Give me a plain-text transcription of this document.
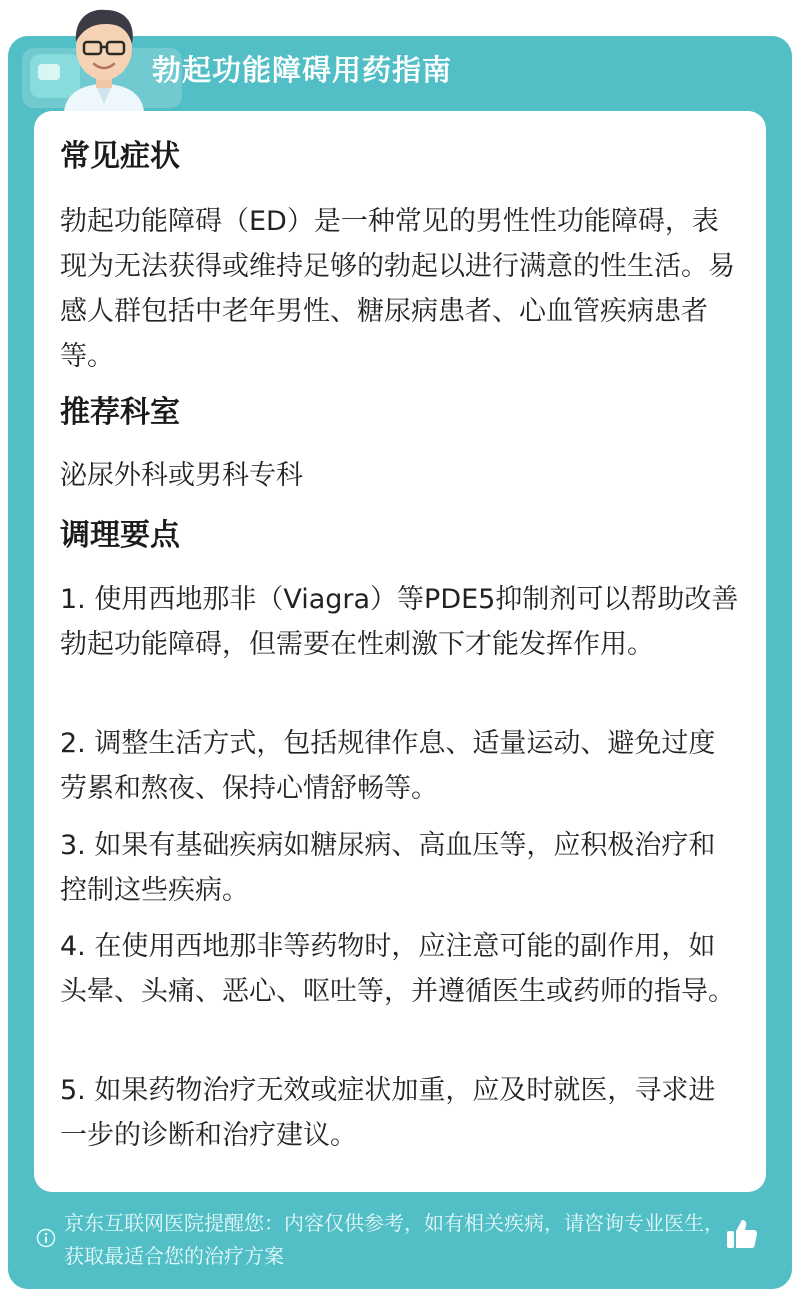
勃起功能障碍用药指南
常见症状

勃起功能障碍（ED）是一种常见的男性性功能障碍，表现为无法获得或维持足够的勃起以进行满意的性生活。易感人群包括中老年男性、糖尿病患者、心血管疾病患者等。

推荐科室

泌尿外科或男科专科

调理要点

1. 使用西地那非（Viagra）等PDE5抑制剂可以帮助改善勃起功能障碍，但需要在性刺激下才能发挥作用。

2. 调整生活方式，包括规律作息、适量运动、避免过度劳累和熬夜、保持心情舒畅等。

3. 如果有基础疾病如糖尿病、高血压等，应积极治疗和控制这些疾病。

4. 在使用西地那非等药物时，应注意可能的副作用，如头晕、头痛、恶心、呕吐等，并遵循医生或药师的指导。

5. 如果药物治疗无效或症状加重，应及时就医，寻求进一步的诊断和治疗建议。

京东互联网医院提醒您：内容仅供参考，如有相关疾病，请咨询专业医生，获取最适合您的治疗方案
